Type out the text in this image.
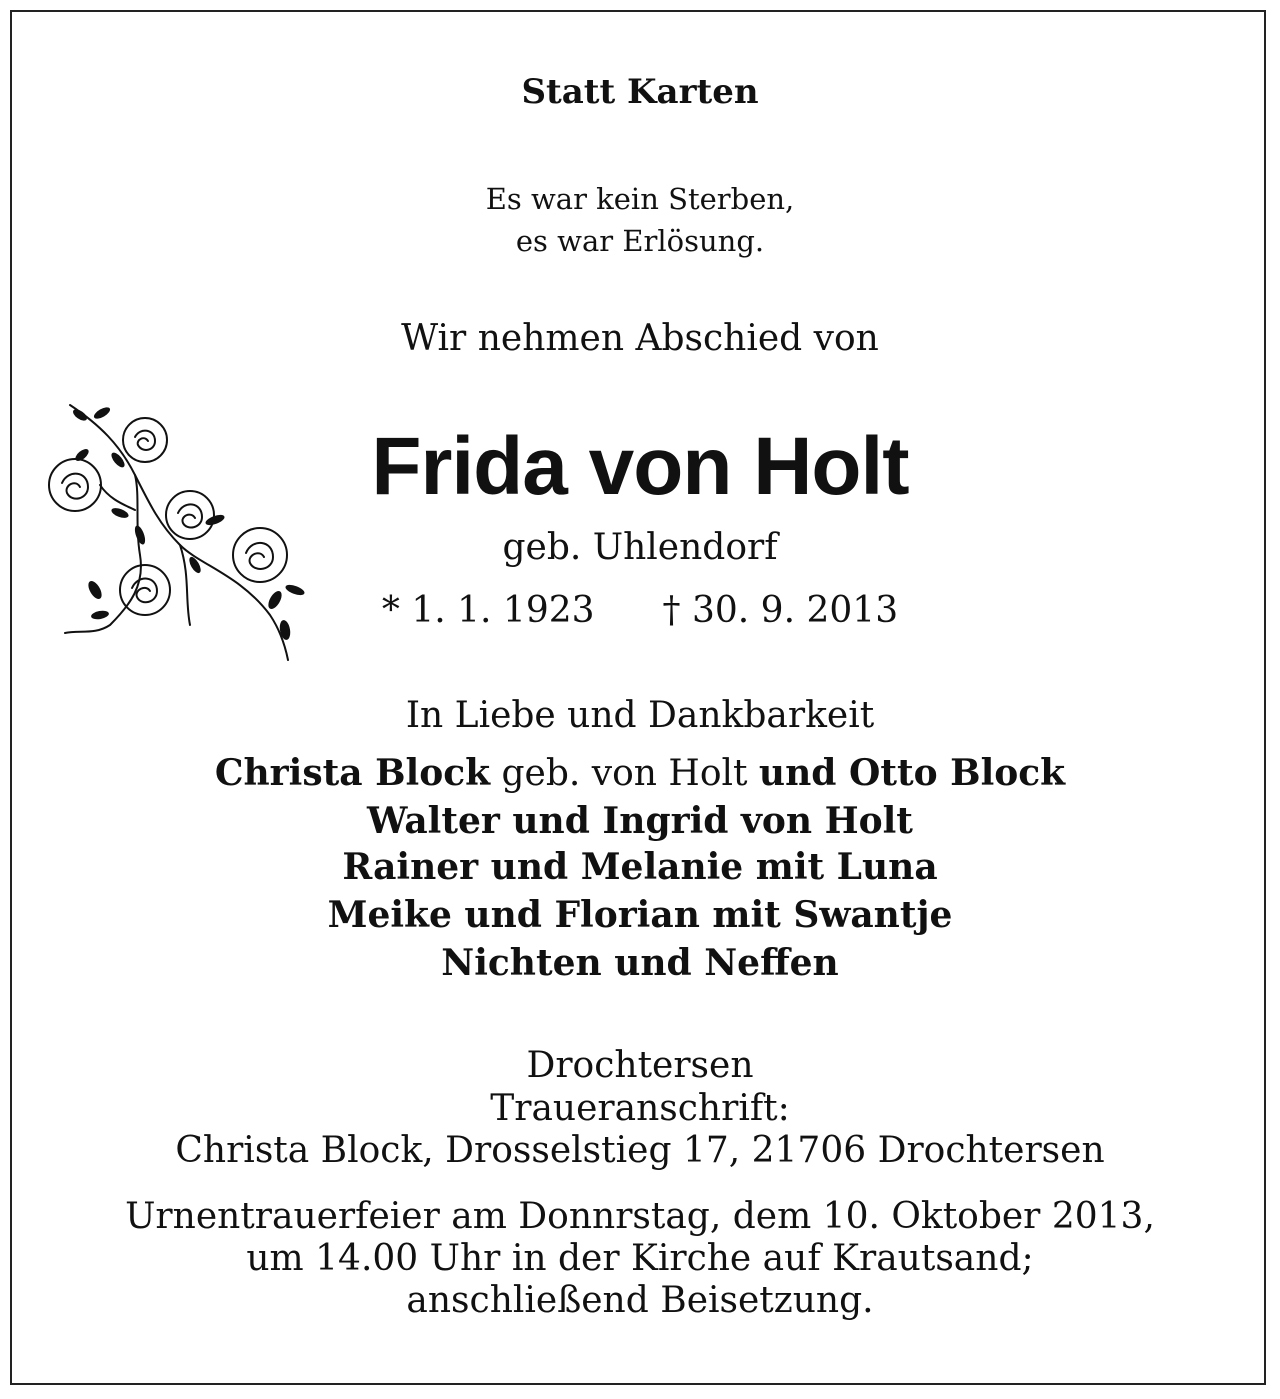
Statt Karten
Es war kein Sterben,
es war Erlösung.
Wir nehmen Abschied von
Frida von Holt
geb. Uhlendorf
* 1. 1. 1923 † 30. 9. 2013
In Liebe und Dankbarkeit
Christa Block geb. von Holt und Otto Block
Walter und Ingrid von Holt
Rainer und Melanie mit Luna
Meike und Florian mit Swantje
Nichten und Neffen
Drochtersen
Traueranschrift:
Christa Block, Drosselstieg 17, 21706 Drochtersen
Urnentrauerfeier am Donnrstag, dem 10. Oktober 2013,
um 14.00 Uhr in der Kirche auf Krautsand;
anschließend Beisetzung.
